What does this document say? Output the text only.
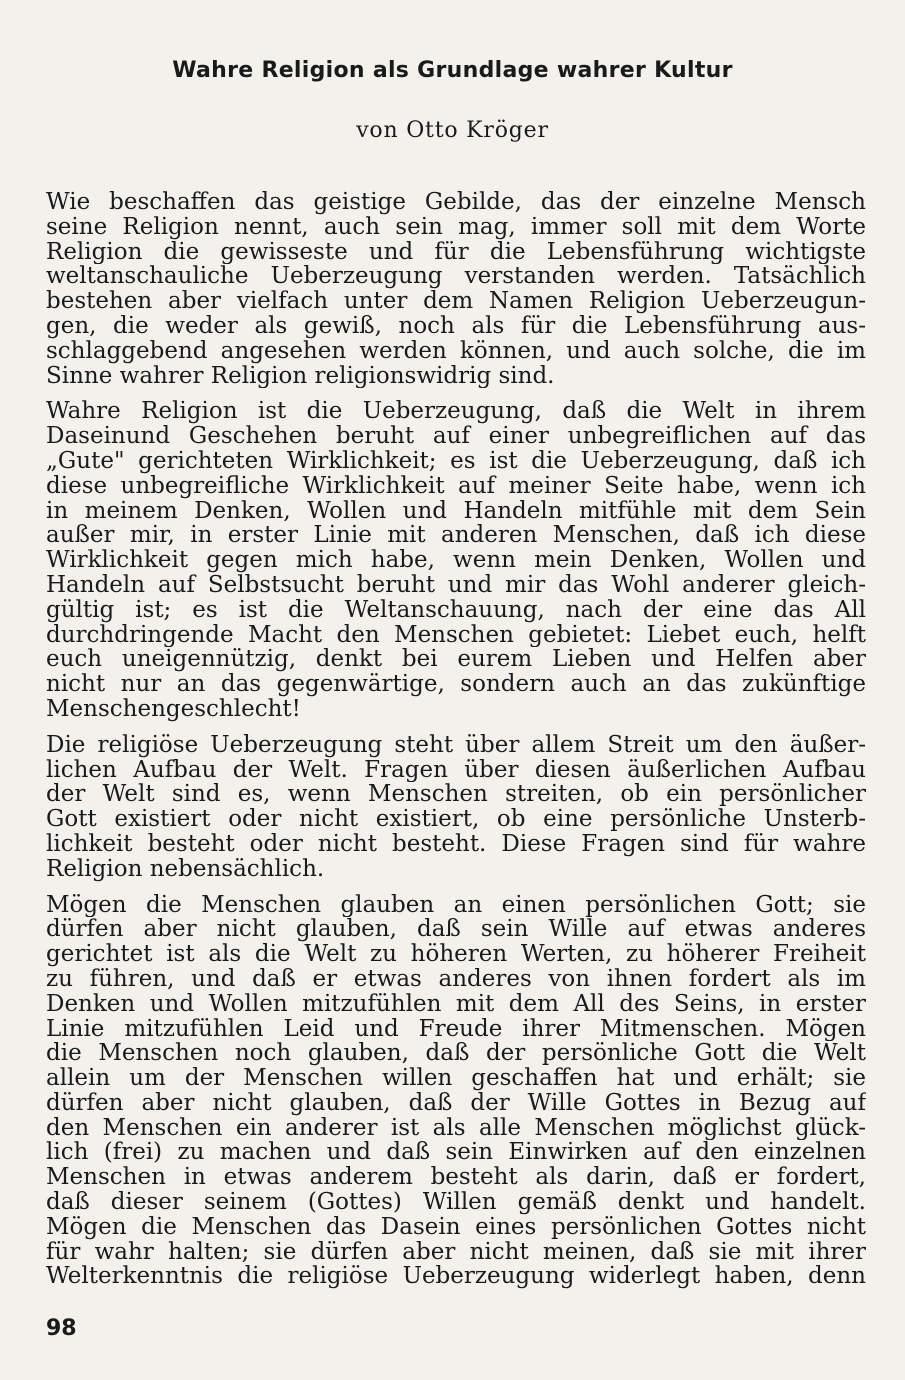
Wahre Religion als Grundlage wahrer Kultur

von Otto Kröger

Wie beschaffen das geistige Gebilde, das der einzelne Mensch
seine Religion nennt, auch sein mag, immer soll mit dem Worte
Religion die gewisseste und für die Lebensführung wichtigste
weltanschauliche Ueberzeugung verstanden werden. Tatsächlich
bestehen aber vielfach unter dem Namen Religion Ueberzeugun-
gen, die weder als gewiß, noch als für die Lebensführung aus-
schlaggebend angesehen werden können, und auch solche, die im
Sinne wahrer Religion religionswidrig sind.
Wahre Religion ist die Ueberzeugung, daß die Welt in ihrem
Daseinund Geschehen beruht auf einer unbegreiflichen auf das
„Gute" gerichteten Wirklichkeit; es ist die Ueberzeugung, daß ich
diese unbegreifliche Wirklichkeit auf meiner Seite habe, wenn ich
in meinem Denken, Wollen und Handeln mitfühle mit dem Sein
außer mir, in erster Linie mit anderen Menschen, daß ich diese
Wirklichkeit gegen mich habe, wenn mein Denken, Wollen und
Handeln auf Selbstsucht beruht und mir das Wohl anderer gleich-
gültig ist; es ist die Weltanschauung, nach der eine das All
durchdringende Macht den Menschen gebietet: Liebet euch, helft
euch uneigennützig, denkt bei eurem Lieben und Helfen aber
nicht nur an das gegenwärtige, sondern auch an das zukünftige
Menschengeschlecht!
Die religiöse Ueberzeugung steht über allem Streit um den äußer-
lichen Aufbau der Welt. Fragen über diesen äußerlichen Aufbau
der Welt sind es, wenn Menschen streiten, ob ein persönlicher
Gott existiert oder nicht existiert, ob eine persönliche Unsterb-
lichkeit besteht oder nicht besteht. Diese Fragen sind für wahre
Religion nebensächlich.
Mögen die Menschen glauben an einen persönlichen Gott; sie
dürfen aber nicht glauben, daß sein Wille auf etwas anderes
gerichtet ist als die Welt zu höheren Werten, zu höherer Freiheit
zu führen, und daß er etwas anderes von ihnen fordert als im
Denken und Wollen mitzufühlen mit dem All des Seins, in erster
Linie mitzufühlen Leid und Freude ihrer Mitmenschen. Mögen
die Menschen noch glauben, daß der persönliche Gott die Welt
allein um der Menschen willen geschaffen hat und erhält; sie
dürfen aber nicht glauben, daß der Wille Gottes in Bezug auf
den Menschen ein anderer ist als alle Menschen möglichst glück-
lich (frei) zu machen und daß sein Einwirken auf den einzelnen
Menschen in etwas anderem besteht als darin, daß er fordert,
daß dieser seinem (Gottes) Willen gemäß denkt und handelt.
Mögen die Menschen das Dasein eines persönlichen Gottes nicht
für wahr halten; sie dürfen aber nicht meinen, daß sie mit ihrer
Welterkenntnis die religiöse Ueberzeugung widerlegt haben, denn

98
